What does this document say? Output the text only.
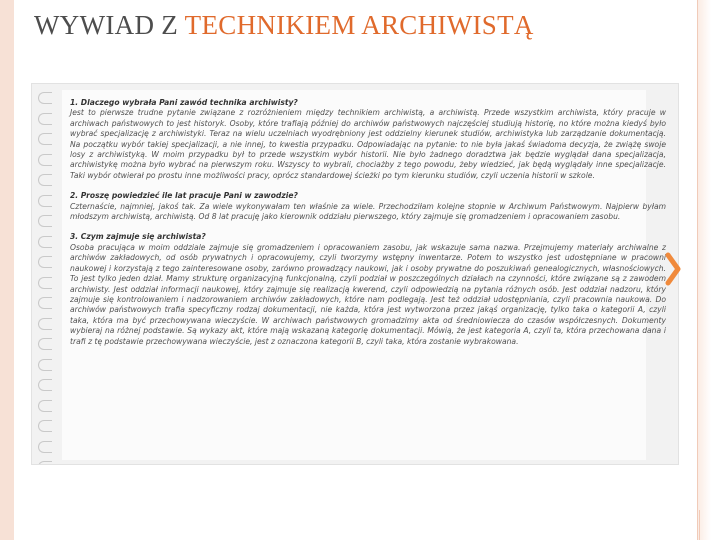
WYWIAD Z TECHNIKIEM ARCHIWISTĄ
1. Dlaczego wybrała Pani zawód technika archiwisty?

Jest to pierwsze trudne pytanie związane z rozróżnieniem między technikiem archiwistą, a archiwistą. Przede wszystkim archiwista, który pracuje w archiwach państwowych to jest historyk. Osoby, które trafiają później do archiwów państwowych najczęściej studiują historię, no które można kiedyś było wybrać specjalizację z archiwistyki. Teraz na wielu uczelniach wyodrębniony jest oddzielny kierunek studiów, archiwistyka lub zarządzanie dokumentacją. Na początku wybór takiej specjalizacji, a nie innej, to kwestia przypadku. Odpowiadając na pytanie: to nie była jakaś świadoma decyzja, że zwiążę swoje losy z archiwistyką. W moim przypadku był to przede wszystkim wybór historii. Nie było żadnego doradztwa jak będzie wyglądał dana specjalizacja, archiwistykę można było wybrać na pierwszym roku. Wszyscy to wybrali, chociażby z tego powodu, żeby wiedzieć, jak będą wyglądały inne specjalizacje. Taki wybór otwierał po prostu inne możliwości pracy, oprócz standardowej ścieżki po tym kierunku studiów, czyli uczenia historii w szkole.

2. Proszę powiedzieć ile lat pracuje Pani w zawodzie?

Czternaście, najmniej, jakoś tak. Za wiele wykonywałam ten właśnie za wiele. Przechodziłam kolejne stopnie w Archiwum Państwowym. Najpierw byłam młodszym archiwistą, archiwistą. Od 8 lat pracuję jako kierownik oddziału pierwszego, który zajmuje się gromadzeniem i opracowaniem zasobu.

3. Czym zajmuje się archiwista?

Osoba pracująca w moim oddziale zajmuje się gromadzeniem i opracowaniem zasobu, jak wskazuje sama nazwa. Przejmujemy materiały archiwalne z archiwów zakładowych, od osób prywatnych i opracowujemy, czyli tworzymy wstępny inwentarze. Potem to wszystko jest udostępniane w pracowni naukowej i korzystają z tego zainteresowane osoby, zarówno prowadzący naukowi, jak i osoby prywatne do poszukiwań genealogicznych, własnościowych. To jest tylko jeden dział. Mamy strukturę organizacyjną funkcjonalną, czyli podział w poszczególnych działach na czynności, które związane są z zawodem archiwisty. Jest oddział informacji naukowej, który zajmuje się realizacją kwerend, czyli odpowiedzią na pytania różnych osób. Jest oddział nadzoru, który zajmuje się kontrolowaniem i nadzorowaniem archiwów zakładowych, które nam podlegają. Jest też oddział udostępniania, czyli pracownia naukowa. Do archiwów państwowych trafia specyficzny rodzaj dokumentacji, nie każda, która jest wytworzona przez jakąś organizację, tylko taka o kategorii A, czyli taka, która ma być przechowywana wieczyście. W archiwach państwowych gromadzimy akta od średniowiecza do czasów współczesnych. Dokumenty wybieraj na różnej podstawie. Są wykazy akt, które mają wskazaną kategorię dokumentacji. Mówią, że jest kategoria A, czyli ta, która przechowana dana i trafi z tę podstawie przechowywana wieczyście, jest z oznaczona kategorii B, czyli taka, która zostanie wybrakowana.
